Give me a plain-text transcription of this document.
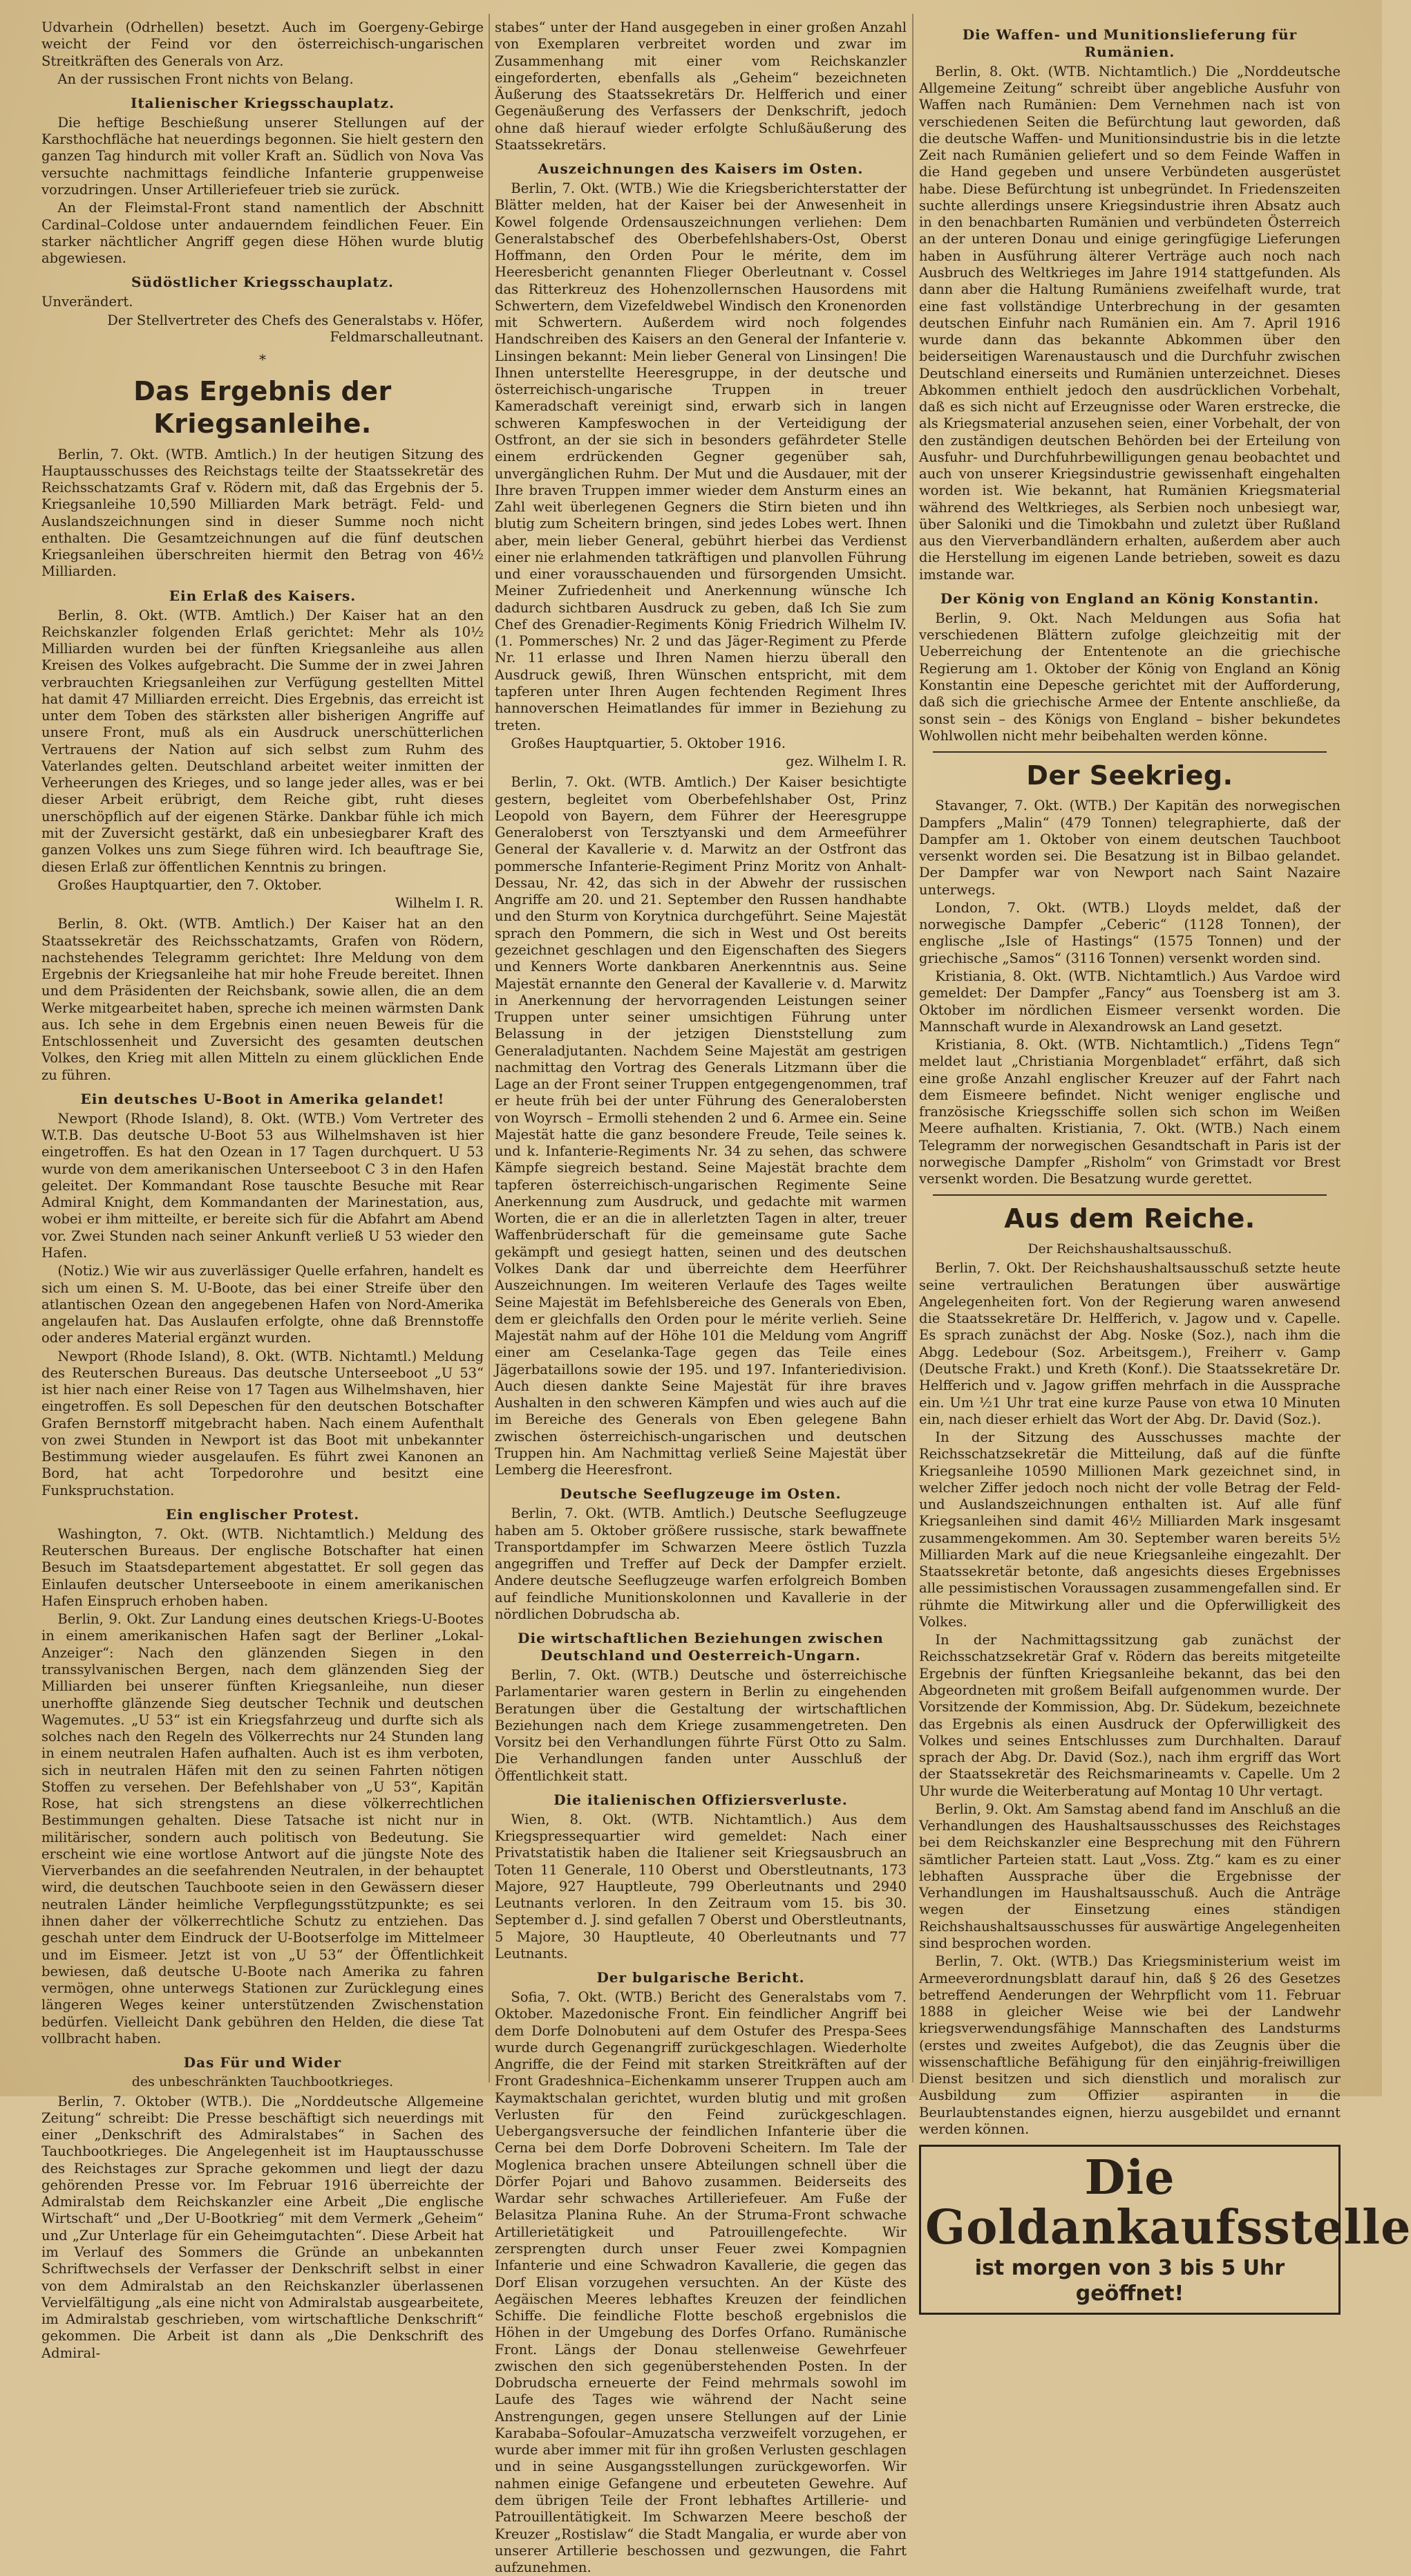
Udvarhein (Odrhellen) besetzt. Auch im Goergeny-Gebirge weicht der Feind vor den österreichisch-ungarischen Streitkräften des Generals von Arz.

An der russischen Front nichts von Belang.

Italienischer Kriegsschauplatz.

Die heftige Beschießung unserer Stellungen auf der Karsthochfläche hat neuerdings begonnen. Sie hielt gestern den ganzen Tag hindurch mit voller Kraft an. Südlich von Nova Vas versuchte nachmittags feindliche Infanterie gruppenweise vorzudringen. Unser Artilleriefeuer trieb sie zurück.

An der Fleimstal-Front stand namentlich der Abschnitt Cardinal–Coldose unter andauerndem feindlichen Feuer. Ein starker nächtlicher Angriff gegen diese Höhen wurde blutig abgewiesen.

Südöstlicher Kriegsschauplatz.

Unverändert.

Der Stellvertreter des Chefs des Generalstabs v. Höfer, Feldmarschalleutnant.

*
Das Ergebnis der Kriegsanleihe.

Berlin, 7. Okt. (WTB. Amtlich.) In der heutigen Sitzung des Hauptausschusses des Reichstags teilte der Staatssekretär des Reichsschatzamts Graf v. Rödern mit, daß das Ergebnis der 5. Kriegsanleihe 10,590 Milliarden Mark beträgt. Feld- und Auslandszeichnungen sind in dieser Summe noch nicht enthalten. Die Gesamtzeichnungen auf die fünf deutschen Kriegsanleihen überschreiten hiermit den Betrag von 46½ Milliarden.

Ein Erlaß des Kaisers.

Berlin, 8. Okt. (WTB. Amtlich.) Der Kaiser hat an den Reichskanzler folgenden Erlaß gerichtet: Mehr als 10½ Milliarden wurden bei der fünften Kriegsanleihe aus allen Kreisen des Volkes aufgebracht. Die Summe der in zwei Jahren verbrauchten Kriegsanleihen zur Verfügung gestellten Mittel hat damit 47 Milliarden erreicht. Dies Ergebnis, das erreicht ist unter dem Toben des stärksten aller bisherigen Angriffe auf unsere Front, muß als ein Ausdruck unerschütterlichen Vertrauens der Nation auf sich selbst zum Ruhm des Vaterlandes gelten. Deutschland arbeitet weiter inmitten der Verheerungen des Krieges, und so lange jeder alles, was er bei dieser Arbeit erübrigt, dem Reiche gibt, ruht dieses unerschöpflich auf der eigenen Stärke. Dankbar fühle ich mich mit der Zuversicht gestärkt, daß ein unbesiegbarer Kraft des ganzen Volkes uns zum Siege führen wird. Ich beauftrage Sie, diesen Erlaß zur öffentlichen Kenntnis zu bringen.

Großes Hauptquartier, den 7. Oktober.

Wilhelm I. R.

Berlin, 8. Okt. (WTB. Amtlich.) Der Kaiser hat an den Staatssekretär des Reichsschatzamts, Grafen von Rödern, nachstehendes Telegramm gerichtet: Ihre Meldung von dem Ergebnis der Kriegsanleihe hat mir hohe Freude bereitet. Ihnen und dem Präsidenten der Reichsbank, sowie allen, die an dem Werke mitgearbeitet haben, spreche ich meinen wärmsten Dank aus. Ich sehe in dem Ergebnis einen neuen Beweis für die Entschlossenheit und Zuversicht des gesamten deutschen Volkes, den Krieg mit allen Mitteln zu einem glücklichen Ende zu führen.

Ein deutsches U-Boot in Amerika gelandet!

Newport (Rhode Island), 8. Okt. (WTB.) Vom Vertreter des W.T.B. Das deutsche U-Boot 53 aus Wilhelmshaven ist hier eingetroffen. Es hat den Ozean in 17 Tagen durchquert. U 53 wurde von dem amerikanischen Unterseeboot C 3 in den Hafen geleitet. Der Kommandant Rose tauschte Besuche mit Rear Admiral Knight, dem Kommandanten der Marinestation, aus, wobei er ihm mitteilte, er bereite sich für die Abfahrt am Abend vor. Zwei Stunden nach seiner Ankunft verließ U 53 wieder den Hafen.

(Notiz.) Wie wir aus zuverlässiger Quelle erfahren, handelt es sich um einen S. M. U-Boote, das bei einer Streife über den atlantischen Ozean den angegebenen Hafen von Nord-Amerika angelaufen hat. Das Auslaufen erfolgte, ohne daß Brennstoffe oder anderes Material ergänzt wurden.

Newport (Rhode Island), 8. Okt. (WTB. Nichtamtl.) Meldung des Reuterschen Bureaus. Das deutsche Unterseeboot „U 53“ ist hier nach einer Reise von 17 Tagen aus Wilhelmshaven, hier eingetroffen. Es soll Depeschen für den deutschen Botschafter Grafen Bernstorff mitgebracht haben. Nach einem Aufenthalt von zwei Stunden in Newport ist das Boot mit unbekannter Bestimmung wieder ausgelaufen. Es führt zwei Kanonen an Bord, hat acht Torpedorohre und besitzt eine Funkspruchstation.

Ein englischer Protest.

Washington, 7. Okt. (WTB. Nichtamtlich.) Meldung des Reuterschen Bureaus. Der englische Botschafter hat einen Besuch im Staatsdepartement abgestattet. Er soll gegen das Einlaufen deutscher Unterseeboote in einem amerikanischen Hafen Einspruch erhoben haben.

Berlin, 9. Okt. Zur Landung eines deutschen Kriegs-U-Bootes in einem amerikanischen Hafen sagt der Berliner „Lokal-Anzeiger“: Nach den glänzenden Siegen in den transsylvanischen Bergen, nach dem glänzenden Sieg der Milliarden bei unserer fünften Kriegsanleihe, nun dieser unerhoffte glänzende Sieg deutscher Technik und deutschen Wagemutes. „U 53“ ist ein Kriegsfahrzeug und durfte sich als solches nach den Regeln des Völkerrechts nur 24 Stunden lang in einem neutralen Hafen aufhalten. Auch ist es ihm verboten, sich in neutralen Häfen mit den zu seinen Fahrten nötigen Stoffen zu versehen. Der Befehlshaber von „U 53“, Kapitän Rose, hat sich strengstens an diese völkerrechtlichen Bestimmungen gehalten. Diese Tatsache ist nicht nur in militärischer, sondern auch politisch von Bedeutung. Sie erscheint wie eine wortlose Antwort auf die jüngste Note des Vierverbandes an die seefahrenden Neutralen, in der behauptet wird, die deutschen Tauchboote seien in den Gewässern dieser neutralen Länder heimliche Verpflegungsstützpunkte; es sei ihnen daher der völkerrechtliche Schutz zu entziehen. Das geschah unter dem Eindruck der U-Bootserfolge im Mittelmeer und im Eismeer. Jetzt ist von „U 53“ der Öffentlichkeit bewiesen, daß deutsche U-Boote nach Amerika zu fahren vermögen, ohne unterwegs Stationen zur Zurücklegung eines längeren Weges keiner unterstützenden Zwischenstation bedürfen. Vielleicht Dank gebühren den Helden, die diese Tat vollbracht haben.

Das Für und Wider

des unbeschränkten Tauchbootkrieges.

Berlin, 7. Oktober (WTB.). Die „Norddeutsche Allgemeine Zeitung“ schreibt: Die Presse beschäftigt sich neuerdings mit einer „Denkschrift des Admiralstabes“ in Sachen des Tauchbootkrieges. Die Angelegenheit ist im Hauptausschusse des Reichstages zur Sprache gekommen und liegt der dazu gehörenden Presse vor. Im Februar 1916 überreichte der Admiralstab dem Reichskanzler eine Arbeit „Die englische Wirtschaft“ und „Der U-Bootkrieg“ mit dem Vermerk „Geheim“ und „Zur Unterlage für ein Geheimgutachten“. Diese Arbeit hat im Verlauf des Sommers die Gründe an unbekannten Schriftwechsels der Verfasser der Denkschrift selbst in einer von dem Admiralstab an den Reichskanzler überlassenen Vervielfältigung „als eine nicht von Admiralstab ausgearbeitete, im Admiralstab geschrieben, vom wirtschaftliche Denkschrift“ gekommen. Die Arbeit ist dann als „Die Denkschrift des Admiral-

stabes“ unter der Hand ausgegeben in einer großen Anzahl von Exemplaren verbreitet worden und zwar im Zusammenhang mit einer vom Reichskanzler eingeforderten, ebenfalls als „Geheim“ bezeichneten Äußerung des Staatssekretärs Dr. Helfferich und einer Gegenäußerung des Verfassers der Denkschrift, jedoch ohne daß hierauf wieder erfolgte Schlußäußerung des Staatssekretärs.

Auszeichnungen des Kaisers im Osten.

Berlin, 7. Okt. (WTB.) Wie die Kriegsberichterstatter der Blätter melden, hat der Kaiser bei der Anwesenheit in Kowel folgende Ordensauszeichnungen verliehen: Dem Generalstabschef des Oberbefehlshabers-Ost, Oberst Hoffmann, den Orden Pour le mérite, dem im Heeresbericht genannten Flieger Oberleutnant v. Cossel das Ritterkreuz des Hohenzollernschen Hausordens mit Schwertern, dem Vizefeldwebel Windisch den Kronenorden mit Schwertern. Außerdem wird noch folgendes Handschreiben des Kaisers an den General der Infanterie v. Linsingen bekannt: Mein lieber General von Linsingen! Die Ihnen unterstellte Heeresgruppe, in der deutsche und österreichisch-ungarische Truppen in treuer Kameradschaft vereinigt sind, erwarb sich in langen schweren Kampfeswochen in der Verteidigung der Ostfront, an der sie sich in besonders gefährdeter Stelle einem erdrückenden Gegner gegenüber sah, unvergänglichen Ruhm. Der Mut und die Ausdauer, mit der Ihre braven Truppen immer wieder dem Ansturm eines an Zahl weit überlegenen Gegners die Stirn bieten und ihn blutig zum Scheitern bringen, sind jedes Lobes wert. Ihnen aber, mein lieber General, gebührt hierbei das Verdienst einer nie erlahmenden tatkräftigen und planvollen Führung und einer vorausschauenden und fürsorgenden Umsicht. Meiner Zufriedenheit und Anerkennung wünsche Ich dadurch sichtbaren Ausdruck zu geben, daß Ich Sie zum Chef des Grenadier-Regiments König Friedrich Wilhelm IV. (1. Pommersches) Nr. 2 und das Jäger-Regiment zu Pferde Nr. 11 erlasse und Ihren Namen hierzu überall den Ausdruck gewiß, Ihren Wünschen entspricht, mit dem tapferen unter Ihren Augen fechtenden Regiment Ihres hannoverschen Heimatlandes für immer in Beziehung zu treten.

Großes Hauptquartier, 5. Oktober 1916.

gez. Wilhelm I. R.

Berlin, 7. Okt. (WTB. Amtlich.) Der Kaiser besichtigte gestern, begleitet vom Oberbefehlshaber Ost, Prinz Leopold von Bayern, dem Führer der Heeresgruppe Generaloberst von Tersztyanski und dem Armeeführer General der Kavallerie v. d. Marwitz an der Ostfront das pommersche Infanterie-Regiment Prinz Moritz von Anhalt-Dessau, Nr. 42, das sich in der Abwehr der russischen Angriffe am 20. und 21. September den Russen handhabte und den Sturm von Korytnica durchgeführt. Seine Majestät sprach den Pommern, die sich in West und Ost bereits gezeichnet geschlagen und den Eigenschaften des Siegers und Kenners Worte dankbaren Anerkenntnis aus. Seine Majestät ernannte den General der Kavallerie v. d. Marwitz in Anerkennung der hervorragenden Leistungen seiner Truppen unter seiner umsichtigen Führung unter Belassung in der jetzigen Dienststellung zum Generaladjutanten. Nachdem Seine Majestät am gestrigen nachmittag den Vortrag des Generals Litzmann über die Lage an der Front seiner Truppen entgegengenommen, traf er heute früh bei der unter Führung des Generalobersten von Woyrsch – Ermolli stehenden 2 und 6. Armee ein. Seine Majestät hatte die ganz besondere Freude, Teile seines k. und k. Infanterie-Regiments Nr. 34 zu sehen, das schwere Kämpfe siegreich bestand. Seine Majestät brachte dem tapferen österreichisch-ungarischen Regimente Seine Anerkennung zum Ausdruck, und gedachte mit warmen Worten, die er an die in allerletzten Tagen in alter, treuer Waffenbrüderschaft für die gemeinsame gute Sache gekämpft und gesiegt hatten, seinen und des deutschen Volkes Dank dar und überreichte dem Heerführer Auszeichnungen. Im weiteren Verlaufe des Tages weilte Seine Majestät im Befehlsbereiche des Generals von Eben, dem er gleichfalls den Orden pour le mérite verlieh. Seine Majestät nahm auf der Höhe 101 die Meldung vom Angriff einer am Ceselanka-Tage gegen das Teile eines Jägerbataillons sowie der 195. und 197. Infanteriedivision. Auch diesen dankte Seine Majestät für ihre braves Aushalten in den schweren Kämpfen und wies auch auf die im Bereiche des Generals von Eben gelegene Bahn zwischen österreichisch-ungarischen und deutschen Truppen hin. Am Nachmittag verließ Seine Majestät über Lemberg die Heeresfront.

Deutsche Seeflugzeuge im Osten.

Berlin, 7. Okt. (WTB. Amtlich.) Deutsche Seeflugzeuge haben am 5. Oktober größere russische, stark bewaffnete Transportdampfer im Schwarzen Meere östlich Tuzzla angegriffen und Treffer auf Deck der Dampfer erzielt. Andere deutsche Seeflugzeuge warfen erfolgreich Bomben auf feindliche Munitionskolonnen und Kavallerie in der nördlichen Dobrudscha ab.

Die wirtschaftlichen Beziehungen zwischen Deutschland und Oesterreich-Ungarn.

Berlin, 7. Okt. (WTB.) Deutsche und österreichische Parlamentarier waren gestern in Berlin zu eingehenden Beratungen über die Gestaltung der wirtschaftlichen Beziehungen nach dem Kriege zusammengetreten. Den Vorsitz bei den Verhandlungen führte Fürst Otto zu Salm. Die Verhandlungen fanden unter Ausschluß der Öffentlichkeit statt.

Die italienischen Offiziersverluste.

Wien, 8. Okt. (WTB. Nichtamtlich.) Aus dem Kriegspressequartier wird gemeldet: Nach einer Privatstatistik haben die Italiener seit Kriegsausbruch an Toten 11 Generale, 110 Oberst und Oberstleutnants, 173 Majore, 927 Hauptleute, 799 Oberleutnants und 2940 Leutnants verloren. In den Zeitraum vom 15. bis 30. September d. J. sind gefallen 7 Oberst und Oberstleutnants, 5 Majore, 30 Hauptleute, 40 Oberleutnants und 77 Leutnants.

Der bulgarische Bericht.

Sofia, 7. Okt. (WTB.) Bericht des Generalstabs vom 7. Oktober. Mazedonische Front. Ein feindlicher Angriff bei dem Dorfe Dolnobuteni auf dem Ostufer des Prespa-Sees wurde durch Gegenangriff zurückgeschlagen. Wiederholte Angriffe, die der Feind mit starken Streitkräften auf der Front Gradeshnica–Eichenkamm unserer Truppen auch am Kaymaktschalan gerichtet, wurden blutig und mit großen Verlusten für den Feind zurückgeschlagen. Uebergangsversuche der feindlichen Infanterie über die Cerna bei dem Dorfe Dobroveni Scheitern. Im Tale der Moglenica brachen unsere Abteilungen schnell über die Dörfer Pojari und Bahovo zusammen. Beiderseits des Wardar sehr schwaches Artilleriefeuer. Am Fuße der Belasitza Planina Ruhe. An der Struma-Front schwache Artillerietätigkeit und Patrouillengefechte. Wir zersprengten durch unser Feuer zwei Kompagnien Infanterie und eine Schwadron Kavallerie, die gegen das Dorf Elisan vorzugehen versuchten. An der Küste des Aegäischen Meeres lebhaftes Kreuzen der feindlichen Schiffe. Die feindliche Flotte beschoß ergebnislos die Höhen in der Umgebung des Dorfes Orfano. Rumänische Front. Längs der Donau stellenweise Gewehrfeuer zwischen den sich gegenüberstehenden Posten. In der Dobrudscha erneuerte der Feind mehrmals sowohl im Laufe des Tages wie während der Nacht seine Anstrengungen, gegen unsere Stellungen auf der Linie Karababa–Sofoular–Amuzatscha verzweifelt vorzugehen, er wurde aber immer mit für ihn großen Verlusten geschlagen und in seine Ausgangsstellungen zurückgeworfen. Wir nahmen einige Gefangene und erbeuteten Gewehre. Auf dem übrigen Teile der Front lebhaftes Artillerie- und Patrouillentätigkeit. Im Schwarzen Meere beschoß der Kreuzer „Rostislaw“ die Stadt Mangalia, er wurde aber von unserer Artillerie beschossen und gezwungen, die Fahrt aufzunehmen.

Die Waffen- und Munitionslieferung für Rumänien.

Berlin, 8. Okt. (WTB. Nichtamtlich.) Die „Norddeutsche Allgemeine Zeitung“ schreibt über angebliche Ausfuhr von Waffen nach Rumänien: Dem Vernehmen nach ist von verschiedenen Seiten die Befürchtung laut geworden, daß die deutsche Waffen- und Munitionsindustrie bis in die letzte Zeit nach Rumänien geliefert und so dem Feinde Waffen in die Hand gegeben und unsere Verbündeten ausgerüstet habe. Diese Befürchtung ist unbegründet. In Friedenszeiten suchte allerdings unsere Kriegsindustrie ihren Absatz auch in den benachbarten Rumänien und verbündeten Österreich an der unteren Donau und einige geringfügige Lieferungen haben in Ausführung älterer Verträge auch noch nach Ausbruch des Weltkrieges im Jahre 1914 stattgefunden. Als dann aber die Haltung Rumäniens zweifelhaft wurde, trat eine fast vollständige Unterbrechung in der gesamten deutschen Einfuhr nach Rumänien ein. Am 7. April 1916 wurde dann das bekannte Abkommen über den beiderseitigen Warenaustausch und die Durchfuhr zwischen Deutschland einerseits und Rumänien unterzeichnet. Dieses Abkommen enthielt jedoch den ausdrücklichen Vorbehalt, daß es sich nicht auf Erzeugnisse oder Waren erstrecke, die als Kriegsmaterial anzusehen seien, einer Vorbehalt, der von den zuständigen deutschen Behörden bei der Erteilung von Ausfuhr- und Durchfuhrbewilligungen genau beobachtet und auch von unserer Kriegsindustrie gewissenhaft eingehalten worden ist. Wie bekannt, hat Rumänien Kriegsmaterial während des Weltkrieges, als Serbien noch unbesiegt war, über Saloniki und die Timokbahn und zuletzt über Rußland aus den Vierverbandländern erhalten, außerdem aber auch die Herstellung im eigenen Lande betrieben, soweit es dazu imstande war.

Der König von England an König Konstantin.

Berlin, 9. Okt. Nach Meldungen aus Sofia hat verschiedenen Blättern zufolge gleichzeitig mit der Ueberreichung der Ententenote an die griechische Regierung am 1. Oktober der König von England an König Konstantin eine Depesche gerichtet mit der Aufforderung, daß sich die griechische Armee der Entente anschließe, da sonst sein – des Königs von England – bisher bekundetes Wohlwollen nicht mehr beibehalten werden könne.

Der Seekrieg.

Stavanger, 7. Okt. (WTB.) Der Kapitän des norwegischen Dampfers „Malin“ (479 Tonnen) telegraphierte, daß der Dampfer am 1. Oktober von einem deutschen Tauchboot versenkt worden sei. Die Besatzung ist in Bilbao gelandet. Der Dampfer war von Newport nach Saint Nazaire unterwegs.

London, 7. Okt. (WTB.) Lloyds meldet, daß der norwegische Dampfer „Ceberic“ (1128 Tonnen), der englische „Isle of Hastings“ (1575 Tonnen) und der griechische „Samos“ (3116 Tonnen) versenkt worden sind.

Kristiania, 8. Okt. (WTB. Nichtamtlich.) Aus Vardoe wird gemeldet: Der Dampfer „Fancy“ aus Toensberg ist am 3. Oktober im nördlichen Eismeer versenkt worden. Die Mannschaft wurde in Alexandrowsk an Land gesetzt.

Kristiania, 8. Okt. (WTB. Nichtamtlich.) „Tidens Tegn“ meldet laut „Christiania Morgenbladet“ erfährt, daß sich eine große Anzahl englischer Kreuzer auf der Fahrt nach dem Eismeere befindet. Nicht weniger englische und französische Kriegsschiffe sollen sich schon im Weißen Meere aufhalten. Kristiania, 7. Okt. (WTB.) Nach einem Telegramm der norwegischen Gesandtschaft in Paris ist der norwegische Dampfer „Risholm“ von Grimstadt vor Brest versenkt worden. Die Besatzung wurde gerettet.

Aus dem Reiche.

Der Reichshaushaltsausschuß.

Berlin, 7. Okt. Der Reichshaushaltsausschuß setzte heute seine vertraulichen Beratungen über auswärtige Angelegenheiten fort. Von der Regierung waren anwesend die Staatssekretäre Dr. Helfferich, v. Jagow und v. Capelle. Es sprach zunächst der Abg. Noske (Soz.), nach ihm die Abgg. Ledebour (Soz. Arbeitsgem.), Freiherr v. Gamp (Deutsche Frakt.) und Kreth (Konf.). Die Staatssekretäre Dr. Helfferich und v. Jagow griffen mehrfach in die Aussprache ein. Um ½1 Uhr trat eine kurze Pause von etwa 10 Minuten ein, nach dieser erhielt das Wort der Abg. Dr. David (Soz.).

In der Sitzung des Ausschusses machte der Reichsschatzsekretär die Mitteilung, daß auf die fünfte Kriegsanleihe 10590 Millionen Mark gezeichnet sind, in welcher Ziffer jedoch noch nicht der volle Betrag der Feld- und Auslandszeichnungen enthalten ist. Auf alle fünf Kriegsanleihen sind damit 46½ Milliarden Mark insgesamt zusammengekommen. Am 30. September waren bereits 5½ Milliarden Mark auf die neue Kriegsanleihe eingezahlt. Der Staatssekretär betonte, daß angesichts dieses Ergebnisses alle pessimistischen Voraussagen zusammengefallen sind. Er rühmte die Mitwirkung aller und die Opferwilligkeit des Volkes.

In der Nachmittagssitzung gab zunächst der Reichsschatzsekretär Graf v. Rödern das bereits mitgeteilte Ergebnis der fünften Kriegsanleihe bekannt, das bei den Abgeordneten mit großem Beifall aufgenommen wurde. Der Vorsitzende der Kommission, Abg. Dr. Südekum, bezeichnete das Ergebnis als einen Ausdruck der Opferwilligkeit des Volkes und seines Entschlusses zum Durchhalten. Darauf sprach der Abg. Dr. David (Soz.), nach ihm ergriff das Wort der Staatssekretär des Reichsmarineamts v. Capelle. Um 2 Uhr wurde die Weiterberatung auf Montag 10 Uhr vertagt.

Berlin, 9. Okt. Am Samstag abend fand im Anschluß an die Verhandlungen des Haushaltsausschusses des Reichstages bei dem Reichskanzler eine Besprechung mit den Führern sämtlicher Parteien statt. Laut „Voss. Ztg.“ kam es zu einer lebhaften Aussprache über die Ergebnisse der Verhandlungen im Haushaltsausschuß. Auch die Anträge wegen der Einsetzung eines ständigen Reichshaushaltsausschusses für auswärtige Angelegenheiten sind besprochen worden.

Berlin, 7. Okt. (WTB.) Das Kriegsministerium weist im Armeeverordnungsblatt darauf hin, daß § 26 des Gesetzes betreffend Aenderungen der Wehrpflicht vom 11. Februar 1888 in gleicher Weise wie bei der Landwehr kriegsverwendungsfähige Mannschaften des Landsturms (erstes und zweites Aufgebot), die das Zeugnis über die wissenschaftliche Befähigung für den einjährig-freiwilligen Dienst besitzen und sich dienstlich und moralisch zur Ausbildung zum Offizier aspiranten in die Beurlaubtenstandes eignen, hierzu ausgebildet und ernannt werden können.

Die Goldankaufsstelle
ist morgen von 3 bis 5 Uhr geöffnet!
